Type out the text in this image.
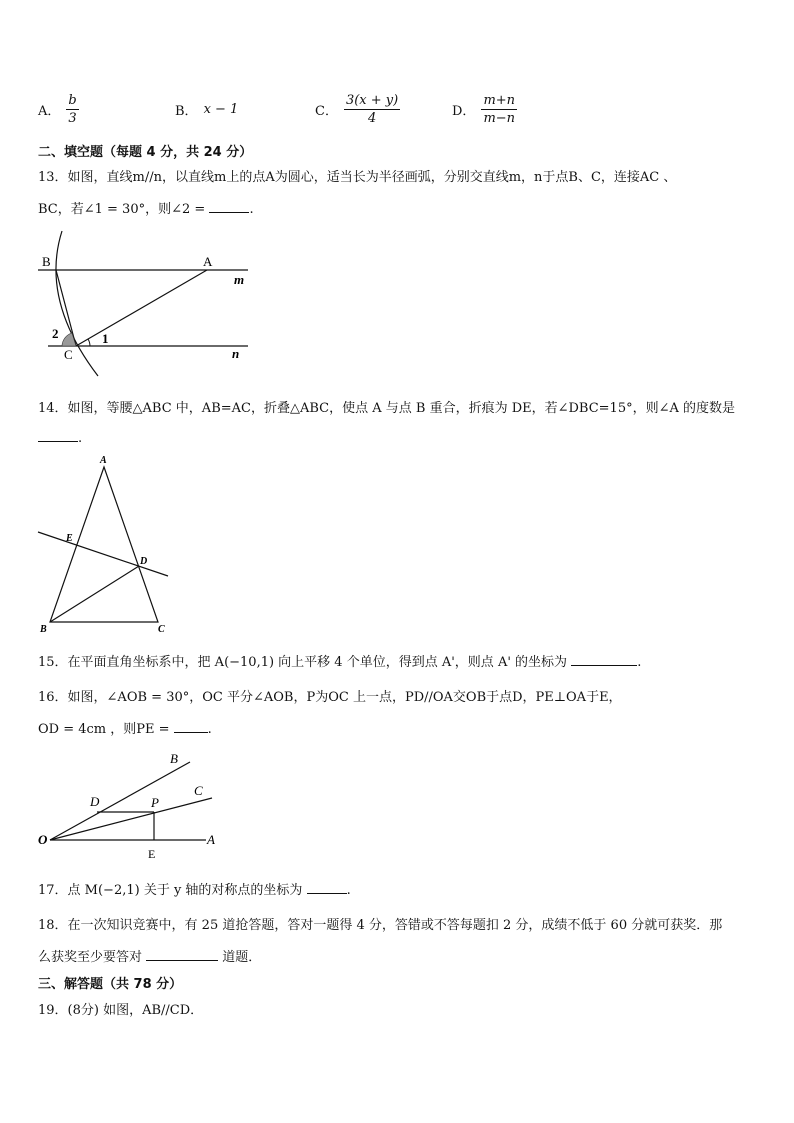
A． $\frac{b}{3}$	B． x − 1	C． $\frac{3(x + y)}{4}$	D． $\frac{m+n}{m-n}$
二、填空题（每题 4 分，共 24 分）
13．如图，直线m//n，以直线m上的点A为圆心，适当长为半径画弧，分别交直线m，n于点B、C，连接AC 、
BC，若∠1 = 30°，则∠2 =	.
B	A
m
n
C
1
2
14．如图，等腰△ABC 中，AB=AC，折叠△ABC，使点 A 与点 B 重合，折痕为 DE，若∠DBC=15°，则∠A 的度数是
.
A
E
D
B	C
15．在平面直角坐标系中，把 A(−10,1) 向上平移 4 个单位，得到点 A'，则点 A' 的坐标为	.
16．如图，∠AOB = 30°，OC 平分∠AOB，P为OC 上一点，PD//OA交OB于点D，PE⊥OA于E，
OD = 4cm ，则PE =	.
B
C
D	P
O	A
E
17．点 M(−2,1) 关于 y 轴的对称点的坐标为	.
18．在一次知识竞赛中，有 25 道抢答题，答对一题得 4 分，答错或不答每题扣 2 分，成绩不低于 60 分就可获奖．那
么获奖至少要答对	道题．
三、解答题（共 78 分）
19．(8分) 如图，AB//CD．
